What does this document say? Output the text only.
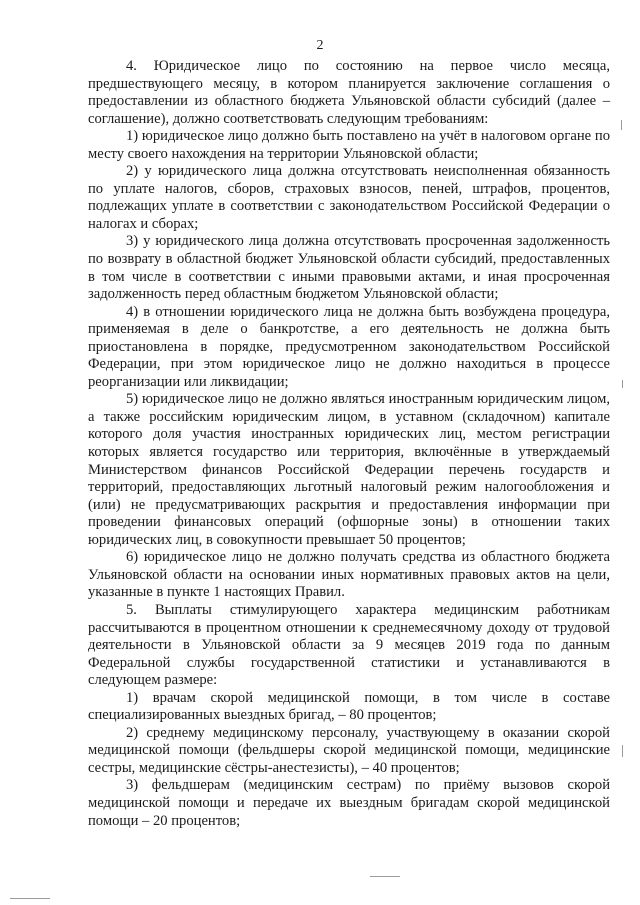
2

4. Юридическое лицо по состоянию на первое число месяца, предшествующего месяцу, в котором планируется заключение соглашения о предоставлении из областного бюджета Ульяновской области субсидий (далее – соглашение), должно соответствовать следующим требованиям:

1) юридическое лицо должно быть поставлено на учёт в налоговом органе по месту своего нахождения на территории Ульяновской области;

2) у юридического лица должна отсутствовать неисполненная обязанность по уплате налогов, сборов, страховых взносов, пеней, штрафов, процентов, подлежащих уплате в соответствии с законодательством Российской Федерации о налогах и сборах;

3) у юридического лица должна отсутствовать просроченная задолженность по возврату в областной бюджет Ульяновской области субсидий, предоставленных в том числе в соответствии с иными правовыми актами, и иная просроченная задолженность перед областным бюджетом Ульяновской области;

4) в отношении юридического лица не должна быть возбуждена процедура, применяемая в деле о банкротстве, а его деятельность не должна быть приостановлена в порядке, предусмотренном законодательством Российской Федерации, при этом юридическое лицо не должно находиться в процессе реорганизации или ликвидации;

5) юридическое лицо не должно являться иностранным юридическим лицом, а также российским юридическим лицом, в уставном (складочном) капитале которого доля участия иностранных юридических лиц, местом регистрации которых является государство или территория, включённые в утверждаемый Министерством финансов Российской Федерации перечень государств и территорий, предоставляющих льготный налоговый режим налогообложения и (или) не предусматривающих раскрытия и предоставления информации при проведении финансовых операций (офшорные зоны) в отношении таких юридических лиц, в совокупности превышает 50 процентов;

6) юридическое лицо не должно получать средства из областного бюджета Ульяновской области на основании иных нормативных правовых актов на цели, указанные в пункте 1 настоящих Правил.

5. Выплаты стимулирующего характера медицинским работникам рассчитываются в процентном отношении к среднемесячному доходу от трудовой деятельности в Ульяновской области за 9 месяцев 2019 года по данным Федеральной службы государственной статистики и устанавливаются в следующем размере:

1) врачам скорой медицинской помощи, в том числе в составе специализированных выездных бригад, – 80 процентов;

2) среднему медицинскому персоналу, участвующему в оказании скорой медицинской помощи (фельдшеры скорой медицинской помощи, медицинские сестры, медицинские сёстры-анестезисты), – 40 процентов;

3) фельдшерам (медицинским сестрам) по приёму вызовов скорой медицинской помощи и передаче их выездным бригадам скорой медицинской помощи – 20 процентов;
